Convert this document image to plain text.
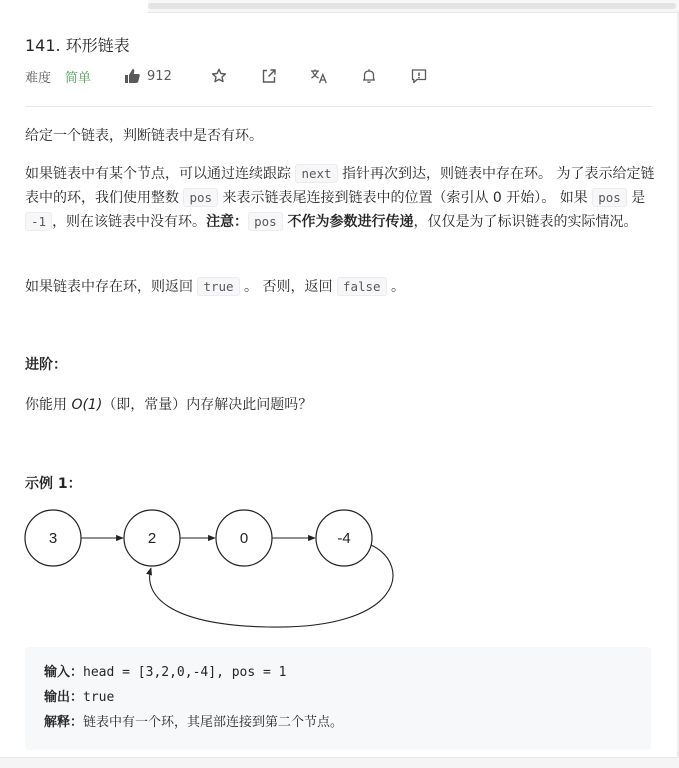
141. 环形链表
难度 简单	912
给定一个链表，判断链表中是否有环。
如果链表中有某个节点，可以通过连续跟踪 next 指针再次到达，则链表中存在环。 为了表示给定链表中的环，我们使用整数 pos 来表示链表尾连接到链表中的位置（索引从 0 开始）。 如果 pos 是 -1 ，则在该链表中没有环。注意： pos 不作为参数进行传递，仅仅是为了标识链表的实际情况。
如果链表中存在环，则返回 true 。 否则，返回 false 。
进阶：
你能用 O(1)（即，常量）内存解决此问题吗？
示例 1：
3	2	0	-4
输入：head = [3,2,0,-4], pos = 1
输出：true
解释：链表中有一个环，其尾部连接到第二个节点。
